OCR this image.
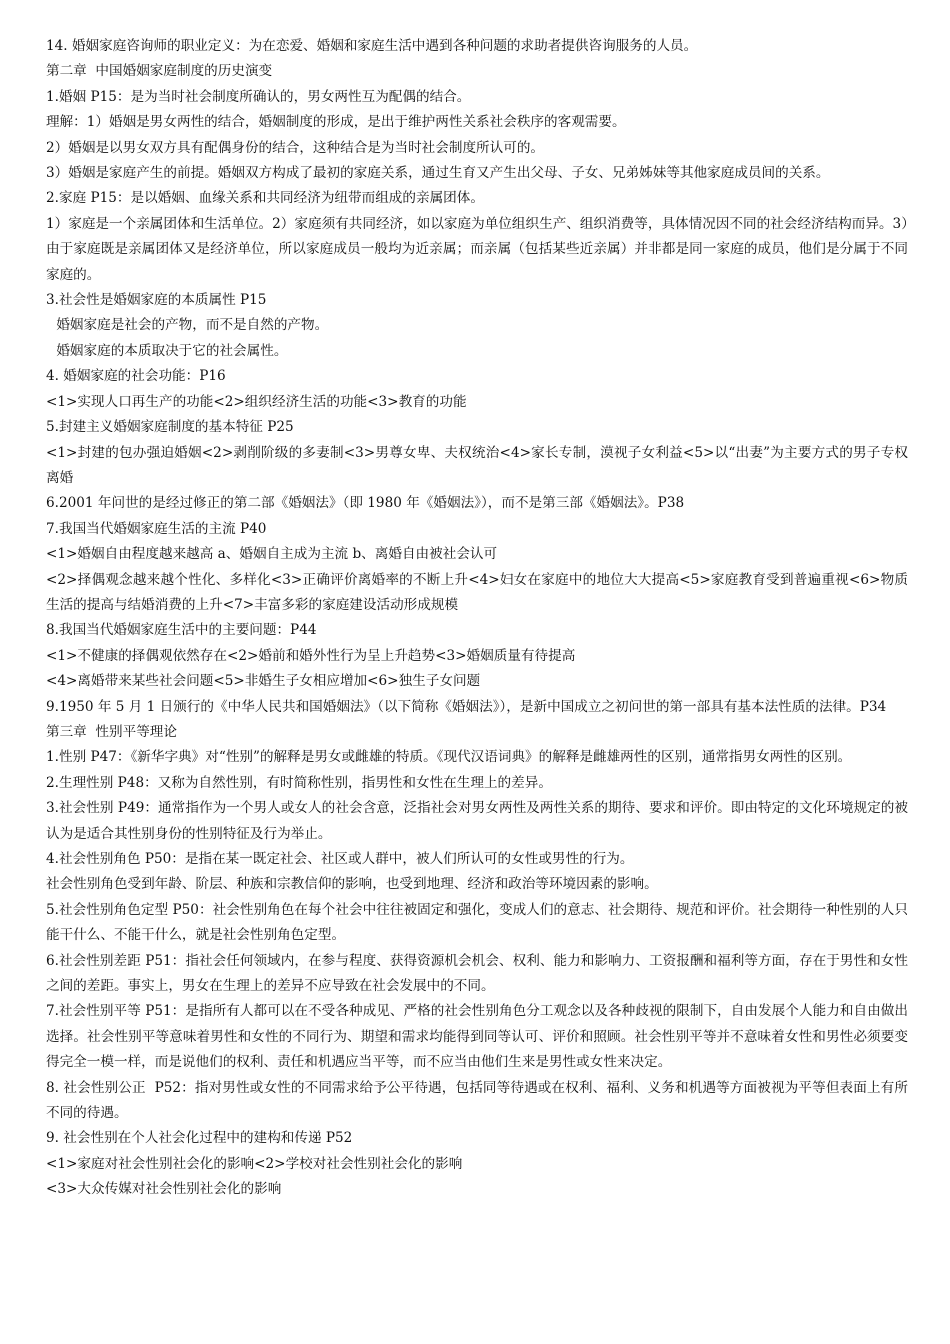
14. 婚姻家庭咨询师的职业定义：为在恋爱、婚姻和家庭生活中遇到各种问题的求助者提供咨询服务的人员。
第二章  中国婚姻家庭制度的历史演变
1.婚姻 P15：是为当时社会制度所确认的，男女两性互为配偶的结合。
理解：1）婚姻是男女两性的结合，婚姻制度的形成，是出于维护两性关系社会秩序的客观需要。
2）婚姻是以男女双方具有配偶身份的结合，这种结合是为当时社会制度所认可的。
3）婚姻是家庭产生的前提。婚姻双方构成了最初的家庭关系，通过生育又产生出父母、子女、兄弟姊妹等其他家庭成员间的关系。
2.家庭 P15：是以婚姻、血缘关系和共同经济为纽带而组成的亲属团体。
1）家庭是一个亲属团体和生活单位。2）家庭须有共同经济，如以家庭为单位组织生产、组织消费等，具体情况因不同的社会经济结构而异。3）由于家庭既是亲属团体又是经济单位，所以家庭成员一般均为近亲属；而亲属（包括某些近亲属）并非都是同一家庭的成员，他们是分属于不同家庭的。
3.社会性是婚姻家庭的本质属性 P15
婚姻家庭是社会的产物，而不是自然的产物。
婚姻家庭的本质取决于它的社会属性。
4. 婚姻家庭的社会功能：P16
<1>实现人口再生产的功能<2>组织经济生活的功能<3>教育的功能
5.封建主义婚姻家庭制度的基本特征 P25
<1>封建的包办强迫婚姻<2>剥削阶级的多妻制<3>男尊女卑、夫权统治<4>家长专制，漠视子女利益<5>以“出妻”为主要方式的男子专权离婚
6.2001 年问世的是经过修正的第二部《婚姻法》（即 1980 年《婚姻法》），而不是第三部《婚姻法》。P38
7.我国当代婚姻家庭生活的主流 P40
<1>婚姻自由程度越来越高 a、婚姻自主成为主流 b、离婚自由被社会认可
<2>择偶观念越来越个性化、多样化<3>正确评价离婚率的不断上升<4>妇女在家庭中的地位大大提高<5>家庭教育受到普遍重视<6>物质生活的提高与结婚消费的上升<7>丰富多彩的家庭建设活动形成规模
8.我国当代婚姻家庭生活中的主要问题：P44
<1>不健康的择偶观依然存在<2>婚前和婚外性行为呈上升趋势<3>婚姻质量有待提高
<4>离婚带来某些社会问题<5>非婚生子女相应增加<6>独生子女问题
9.1950 年 5 月 1 日颁行的《中华人民共和国婚姻法》（以下简称《婚姻法》），是新中国成立之初问世的第一部具有基本法性质的法律。P34
第三章  性别平等理论
1.性别 P47：《新华字典》对“性别”的解释是男女或雌雄的特质。《现代汉语词典》的解释是雌雄两性的区别，通常指男女两性的区别。
2.生理性别 P48：又称为自然性别，有时简称性别，指男性和女性在生理上的差异。
3.社会性别 P49：通常指作为一个男人或女人的社会含意，泛指社会对男女两性及两性关系的期待、要求和评价。即由特定的文化环境规定的被认为是适合其性别身份的性别特征及行为举止。
4.社会性别角色 P50：是指在某一既定社会、社区或人群中，被人们所认可的女性或男性的行为。
社会性别角色受到年龄、阶层、种族和宗教信仰的影响，也受到地理、经济和政治等环境因素的影响。
5.社会性别角色定型 P50：社会性别角色在每个社会中往往被固定和强化，变成人们的意志、社会期待、规范和评价。社会期待一种性别的人只能干什么、不能干什么，就是社会性别角色定型。
6.社会性别差距 P51：指社会任何领域内，在参与程度、获得资源机会机会、权利、能力和影响力、工资报酬和福利等方面，存在于男性和女性之间的差距。事实上，男女在生理上的差异不应导致在社会发展中的不同。
7.社会性别平等 P51：是指所有人都可以在不受各种成见、严格的社会性别角色分工观念以及各种歧视的限制下，自由发展个人能力和自由做出选择。社会性别平等意味着男性和女性的不同行为、期望和需求均能得到同等认可、评价和照顾。社会性别平等并不意味着女性和男性必须要变得完全一模一样，而是说他们的权利、责任和机遇应当平等，而不应当由他们生来是男性或女性来决定。
8. 社会性别公正  P52：指对男性或女性的不同需求给予公平待遇，包括同等待遇或在权利、福利、义务和机遇等方面被视为平等但表面上有所不同的待遇。
9. 社会性别在个人社会化过程中的建构和传递 P52
<1>家庭对社会性别社会化的影响<2>学校对社会性别社会化的影响
<3>大众传媒对社会性别社会化的影响
